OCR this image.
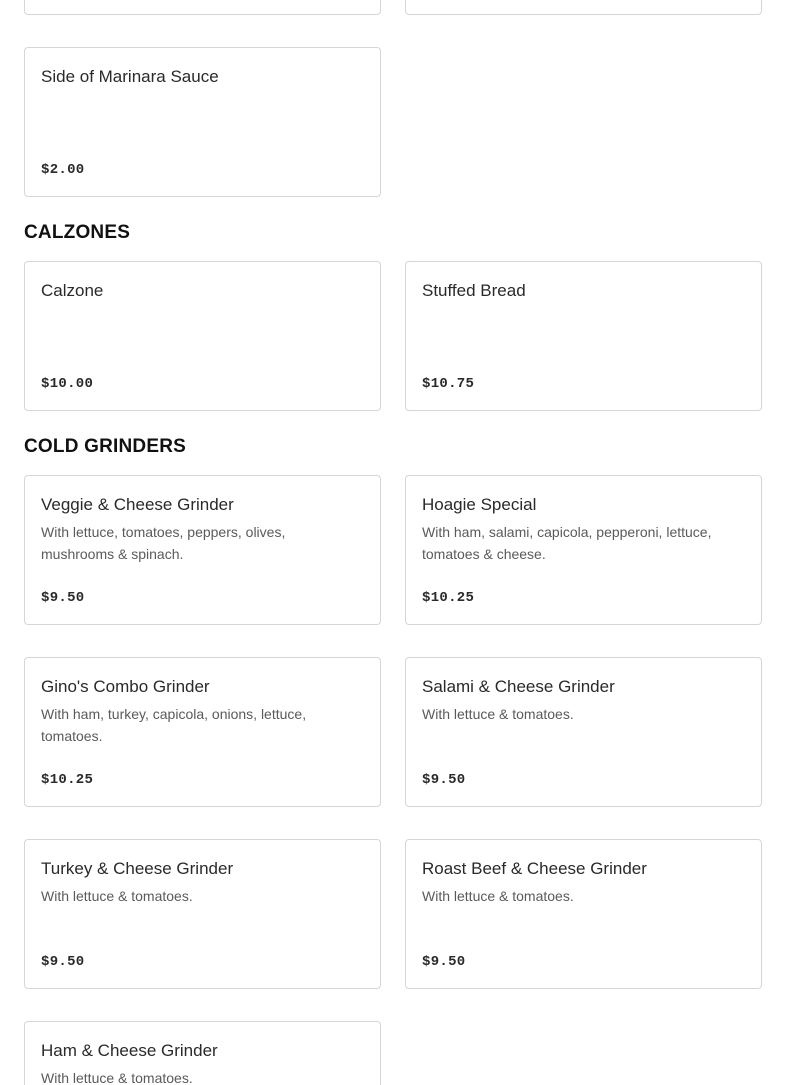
Side of Marinara Sauce
$2.00
CALZONES
Calzone
$10.00
Stuffed Bread
$10.75
COLD GRINDERS
Veggie & Cheese Grinder
With lettuce, tomatoes, peppers, olives, mushrooms & spinach.
$9.50
Hoagie Special
With ham, salami, capicola, pepperoni, lettuce, tomatoes & cheese.
$10.25
Gino's Combo Grinder
With ham, turkey, capicola, onions, lettuce, tomatoes.
$10.25
Salami & Cheese Grinder
With lettuce & tomatoes.
$9.50
Turkey & Cheese Grinder
With lettuce & tomatoes.
$9.50
Roast Beef & Cheese Grinder
With lettuce & tomatoes.
$9.50
Ham & Cheese Grinder
With lettuce & tomatoes.
